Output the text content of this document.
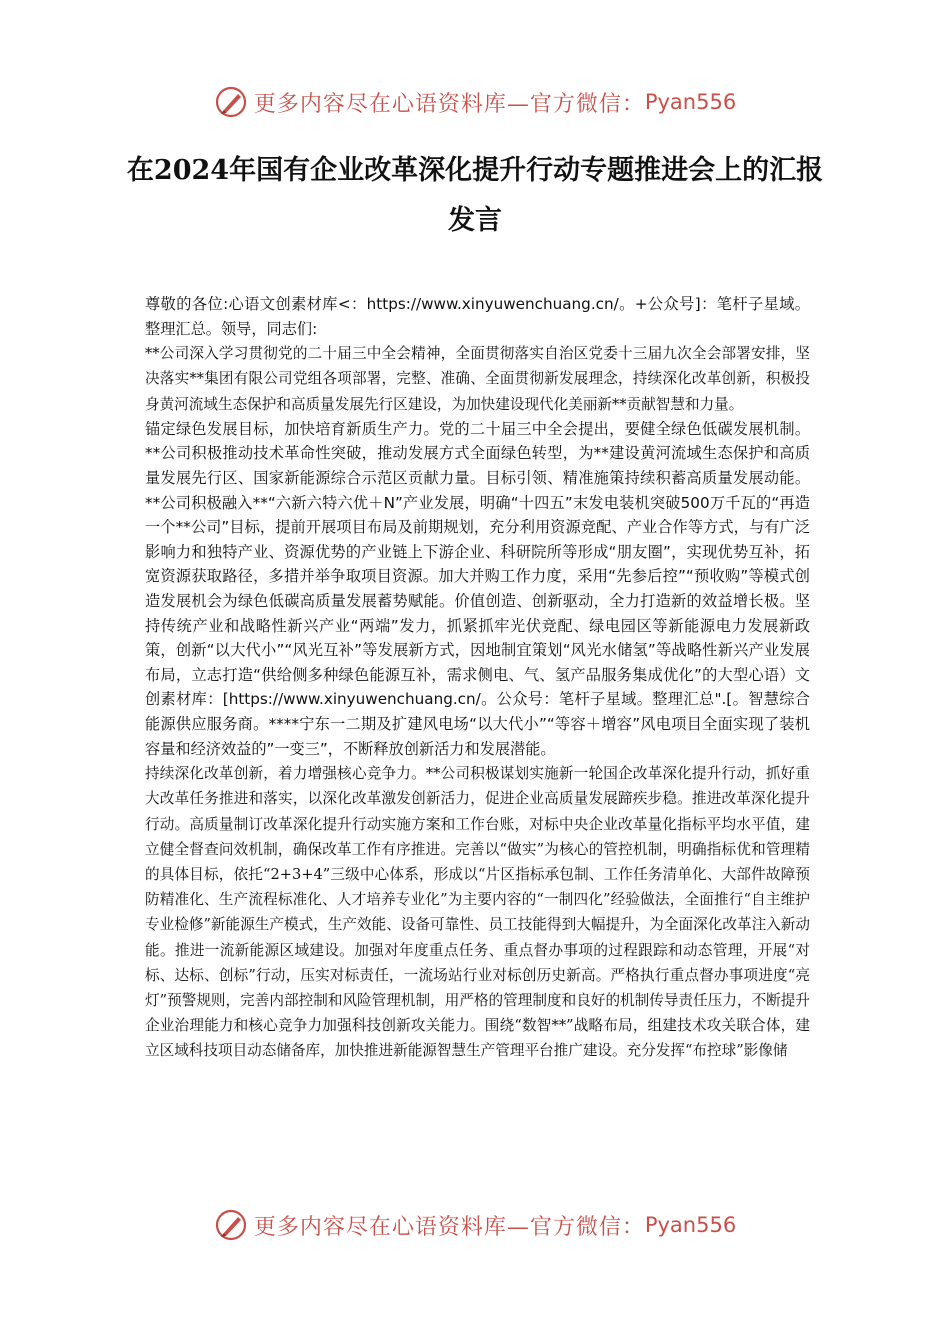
更多内容尽在心语资料库—官方微信： Pyan556
在2024年国有企业改革深化提升行动专题推进会上的汇报发言

尊敬的各位:心语文创素材库<：https://www.xinyuwenchuang.cn/。+公众号]：笔杆子星域。整理汇总。领导，同志们:

**公司深入学习贯彻党的二十届三中全会精神，全面贯彻落实自治区党委十三届九次全会部署安排，坚决落实**集团有限公司党组各项部署，完整、准确、全面贯彻新发展理念，持续深化改革创新，积极投身黄河流域生态保护和高质量发展先行区建设，为加快建设现代化美丽新**贡献智慧和力量。

锚定绿色发展目标，加快培育新质生产力。党的二十届三中全会提出，要健全绿色低碳发展机制。**公司积极推动技术革命性突破，推动发展方式全面绿色转型，为**建设黄河流域生态保护和高质量发展先行区、国家新能源综合示范区贡献力量。目标引领、精准施策持续积蓄高质量发展动能。**公司积极融入**“六新六特六优＋N”产业发展，明确“十四五”末发电装机突破500万千瓦的“再造一个**公司”目标，提前开展项目布局及前期规划，充分利用资源竞配、产业合作等方式，与有广泛影响力和独特产业、资源优势的产业链上下游企业、科研院所等形成“朋友圈”，实现优势互补，拓宽资源获取路径，多措并举争取项目资源。加大并购工作力度，采用“先参后控”“预收购”等模式创造发展机会为绿色低碳高质量发展蓄势赋能。价值创造、创新驱动，全力打造新的效益增长极。坚持传统产业和战略性新兴产业“两端”发力，抓紧抓牢光伏竞配、绿电园区等新能源电力发展新政策，创新“以大代小”“风光互补”等发展新方式，因地制宜策划“风光水储氢”等战略性新兴产业发展布局，立志打造“供给侧多种绿色能源互补，需求侧电、气、氢产品服务集成优化”的大型心语）文创素材库：[https://www.xinyuwenchuang.cn/。公众号：笔杆子星域。整理汇总".[。智慧综合能源供应服务商。****宁东一二期及扩建风电场“以大代小”“等容＋增容”风电项目全面实现了装机容量和经济效益的”一变三”，不断释放创新活力和发展潜能。

持续深化改革创新，着力增强核心竞争力。**公司积极谋划实施新一轮国企改革深化提升行动，抓好重大改革任务推进和落实，以深化改革激发创新活力，促进企业高质量发展蹄疾步稳。推进改革深化提升行动。高质量制订改革深化提升行动实施方案和工作台账，对标中央企业改革量化指标平均水平值，建立健全督查问效机制，确保改革工作有序推进。完善以“做实”为核心的管控机制，明确指标优和管理精的具体目标，依托“2+3+4”三级中心体系，形成以“片区指标承包制、工作任务清单化、大部件故障预防精准化、生产流程标准化、人才培养专业化”为主要内容的“一制四化”经验做法，全面推行“自主维护专业检修”新能源生产模式，生产效能、设备可靠性、员工技能得到大幅提升，为全面深化改革注入新动能。推进一流新能源区域建设。加强对年度重点任务、重点督办事项的过程跟踪和动态管理，开展“对标、达标、创标”行动，压实对标责任，一流场站行业对标创历史新高。严格执行重点督办事项进度“亮灯”预警规则，完善内部控制和风险管理机制，用严格的管理制度和良好的机制传导责任压力，不断提升企业治理能力和核心竞争力加强科技创新攻关能力。围绕“数智**”战略布局，组建技术攻关联合体，建立区域科技项目动态储备库，加快推进新能源智慧生产管理平台推广建设。充分发挥“布控球”影像储

更多内容尽在心语资料库—官方微信： Pyan556
